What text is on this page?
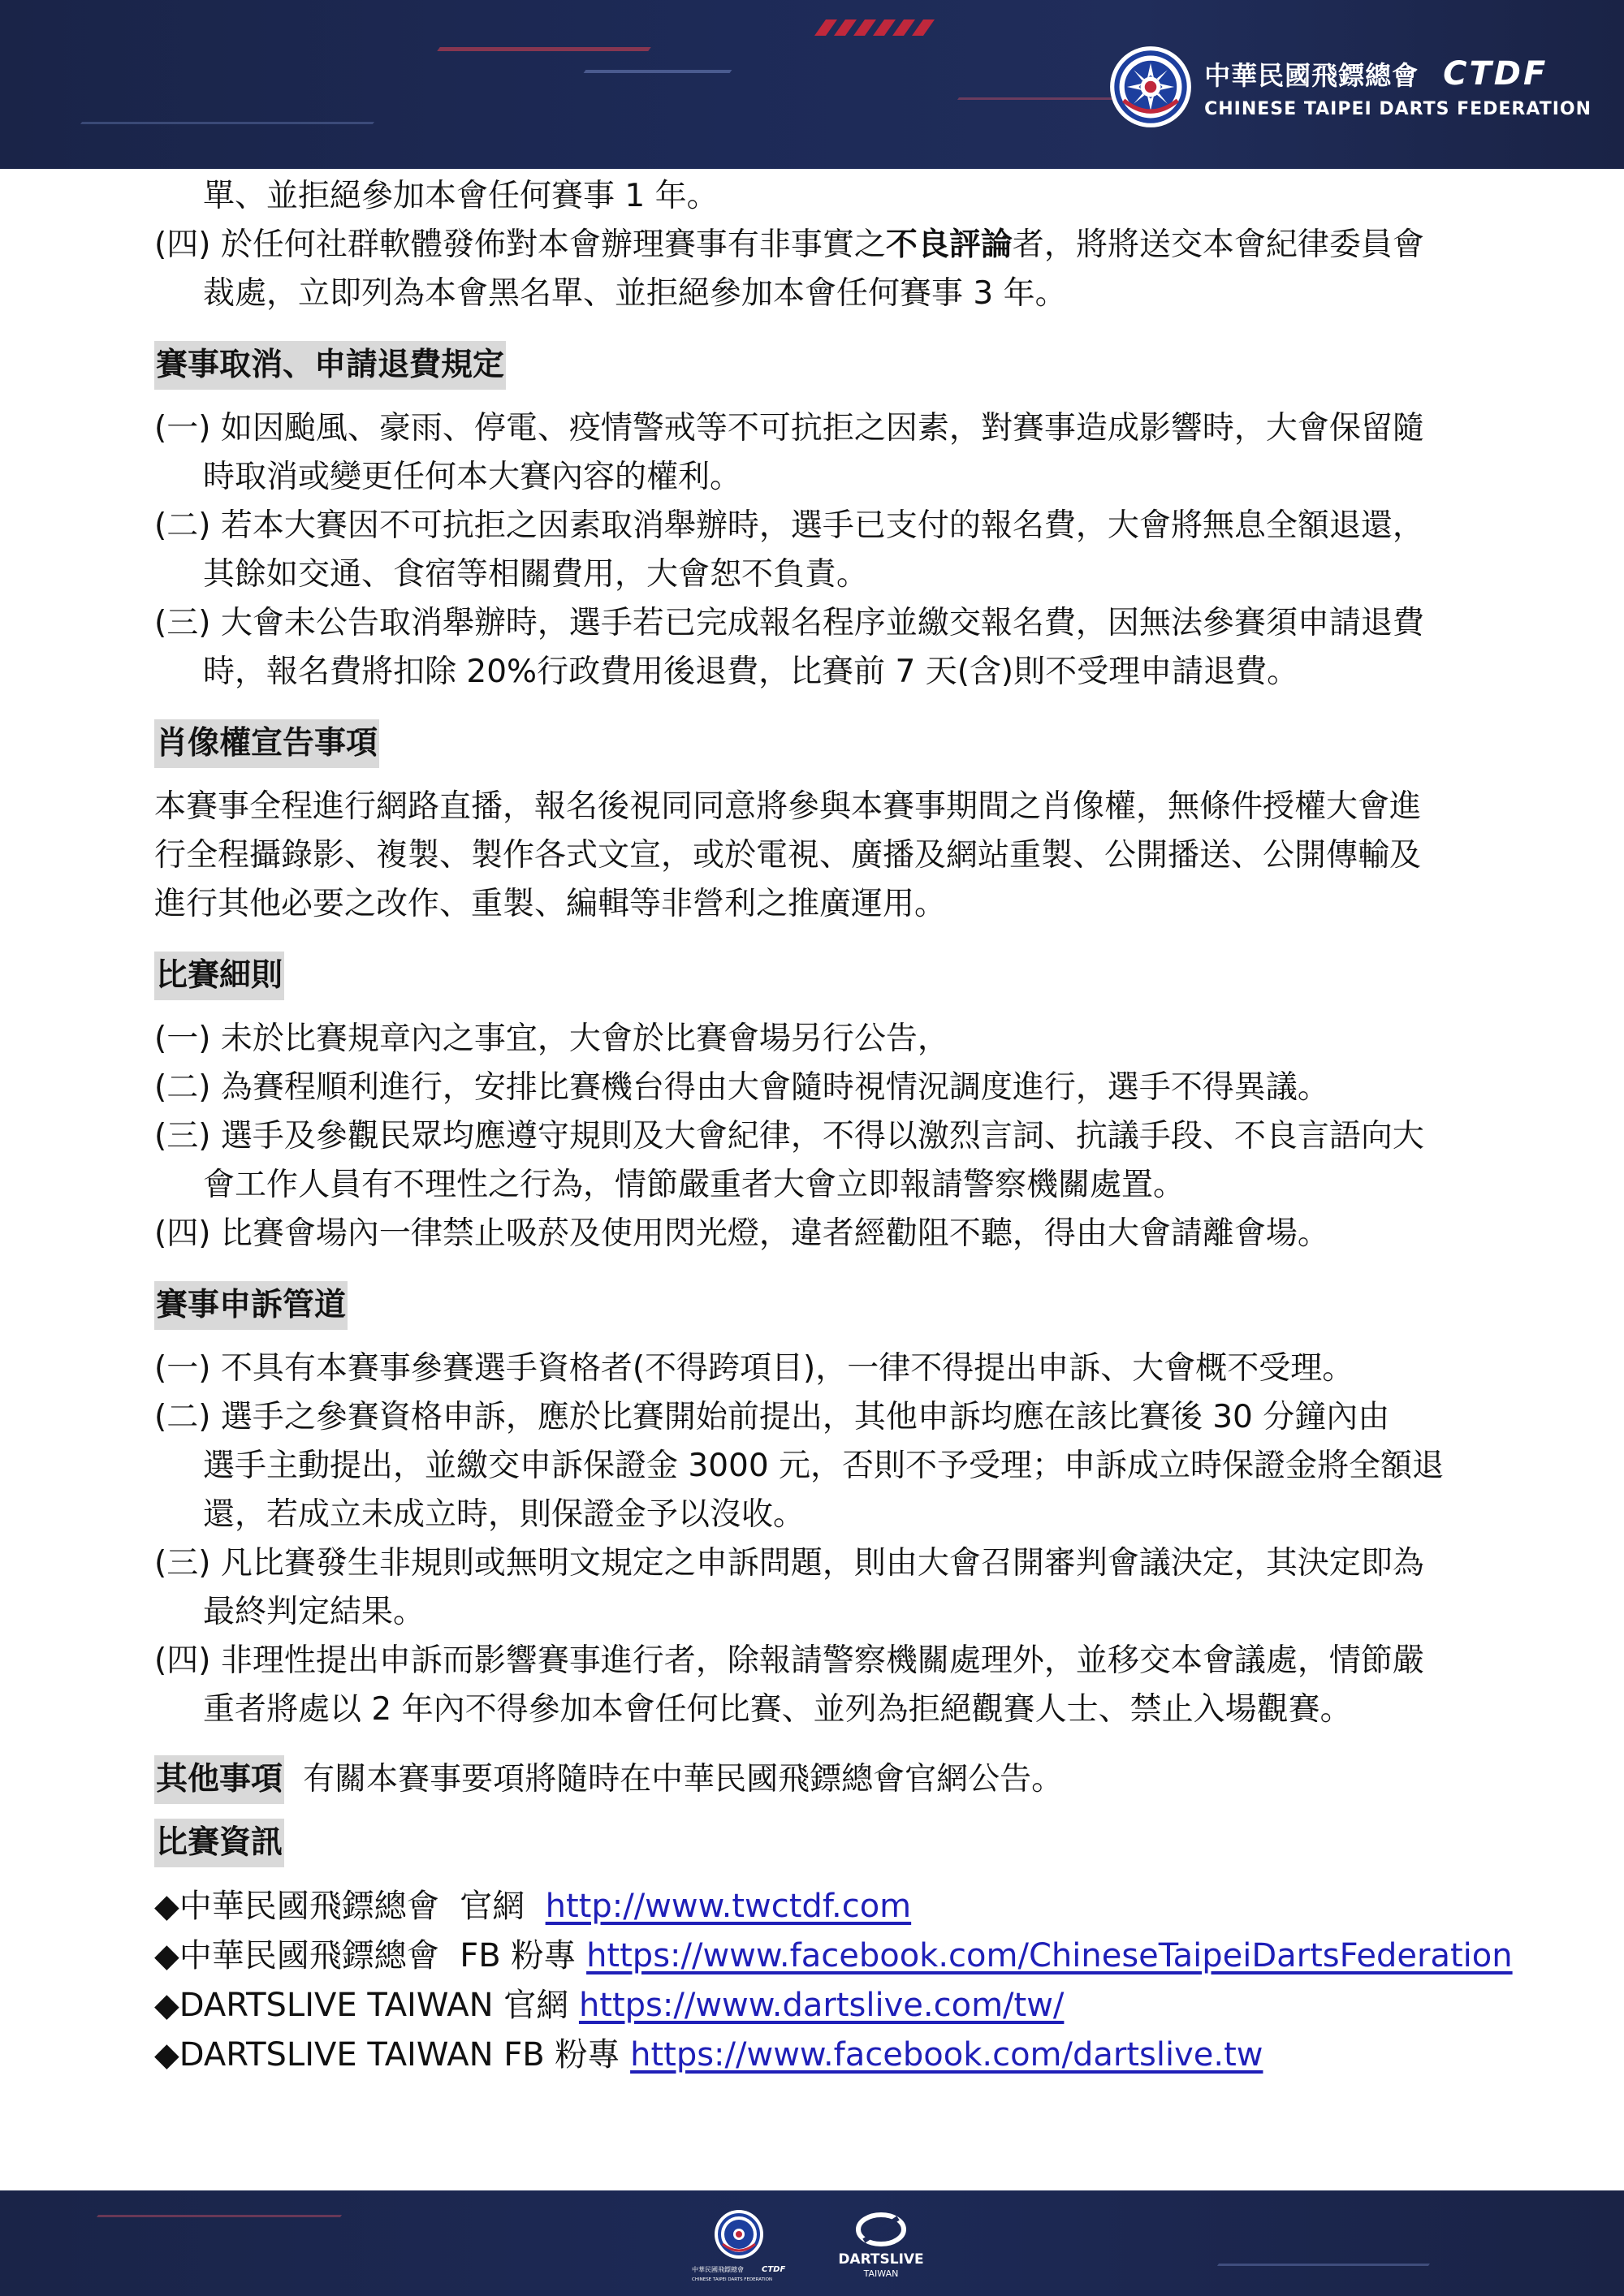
中華民國飛鏢總會 CTDF
CHINESE TAIPEI DARTS FEDERATION

單、並拒絕參加本會任何賽事 1 年。

(四) 於任何社群軟體發佈對本會辦理賽事有非事實之不良評論者，將將送交本會紀律委員會

裁處，立即列為本會黑名單、並拒絕參加本會任何賽事 3 年。

賽事取消、申請退費規定

(一) 如因颱風、豪雨、停電、疫情警戒等不可抗拒之因素，對賽事造成影響時，大會保留隨
時取消或變更任何本大賽內容的權利。

(二) 若本大賽因不可抗拒之因素取消舉辦時，選手已支付的報名費，大會將無息全額退還，
其餘如交通、食宿等相關費用，大會恕不負責。

(三) 大會未公告取消舉辦時，選手若已完成報名程序並繳交報名費，因無法參賽須申請退費
時，報名費將扣除 20%行政費用後退費，比賽前 7 天(含)則不受理申請退費。

肖像權宣告事項

本賽事全程進行網路直播，報名後視同同意將參與本賽事期間之肖像權，無條件授權大會進

行全程攝錄影、複製、製作各式文宣，或於電視、廣播及網站重製、公開播送、公開傳輸及

進行其他必要之改作、重製、編輯等非營利之推廣運用。

比賽細則

(一) 未於比賽規章內之事宜，大會於比賽會場另行公告，

(二) 為賽程順利進行，安排比賽機台得由大會隨時視情況調度進行，選手不得異議。

(三) 選手及參觀民眾均應遵守規則及大會紀律，不得以激烈言詞、抗議手段、不良言語向大
會工作人員有不理性之行為，情節嚴重者大會立即報請警察機關處置。

(四) 比賽會場內一律禁止吸菸及使用閃光燈，違者經勸阻不聽，得由大會請離會場。

賽事申訴管道

(一) 不具有本賽事參賽選手資格者(不得跨項目)，一律不得提出申訴、大會概不受理。

(二) 選手之參賽資格申訴，應於比賽開始前提出，其他申訴均應在該比賽後 30 分鐘內由
選手主動提出，並繳交申訴保證金 3000 元，否則不予受理；申訴成立時保證金將全額退
還，若成立未成立時，則保證金予以沒收。

(三) 凡比賽發生非規則或無明文規定之申訴問題，則由大會召開審判會議決定，其決定即為
最終判定結果。

(四) 非理性提出申訴而影響賽事進行者，除報請警察機關處理外，並移交本會議處，情節嚴
重者將處以 2 年內不得參加本會任何比賽、並列為拒絕觀賽人士、禁止入場觀賽。

其他事項 有關本賽事要項將隨時在中華民國飛鏢總會官網公告。
比賽資訊

◆中華民國飛鏢總會  官網  http://www.twctdf.com

◆中華民國飛鏢總會  FB 粉專 https://www.facebook.com/ChineseTaipeiDartsFederation

◆DARTSLIVE TAIWAN 官網 https://www.dartslive.com/tw/

◆DARTSLIVE TAIWAN FB 粉專 https://www.facebook.com/dartslive.tw

中華民國飛鏢總會 CTDF
CHINESE TAIPEI DARTS FEDERATION
DARTSLIVE
TAIWAN
